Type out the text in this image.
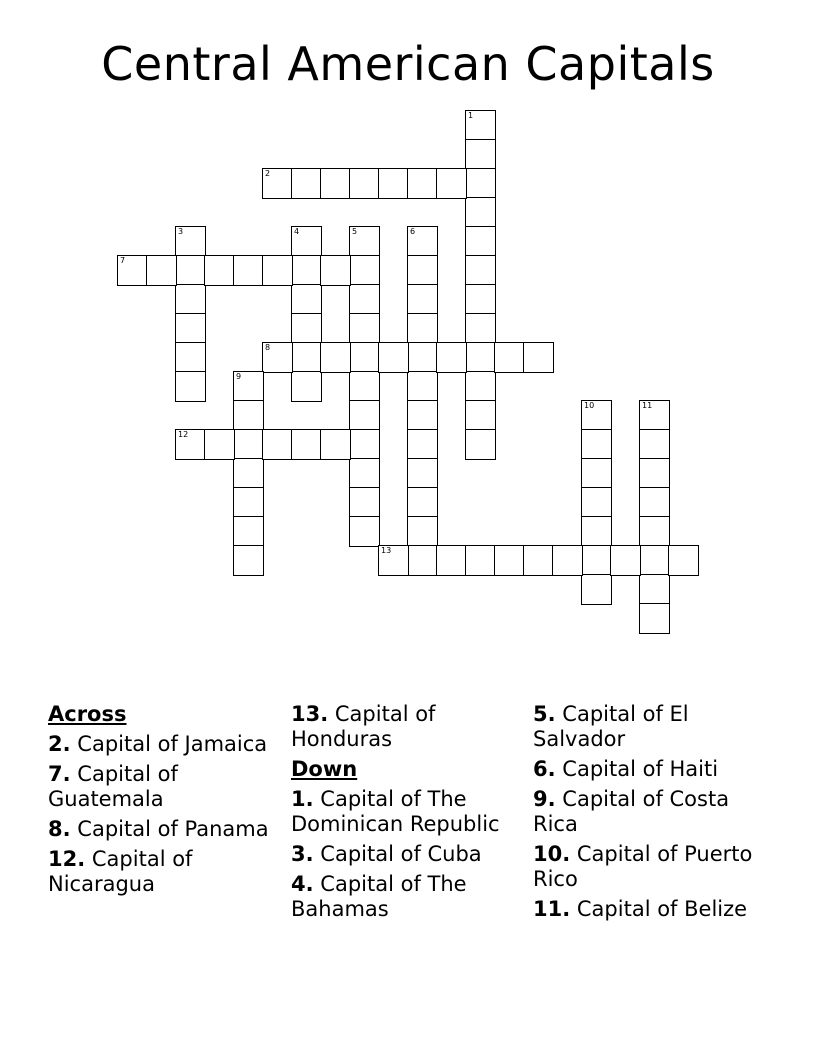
Central American Capitals
1
2
3	4	5	6
7
8
9
10	11
12
13
Across
2. Capital of Jamaica
7. Capital of Guatemala
8. Capital of Panama
12. Capital of Nicaragua
13. Capital of Honduras
Down
1. Capital of The Dominican Republic
3. Capital of Cuba
4. Capital of The Bahamas
5. Capital of El Salvador
6. Capital of Haiti
9. Capital of Costa Rica
10. Capital of Puerto Rico
11. Capital of Belize
